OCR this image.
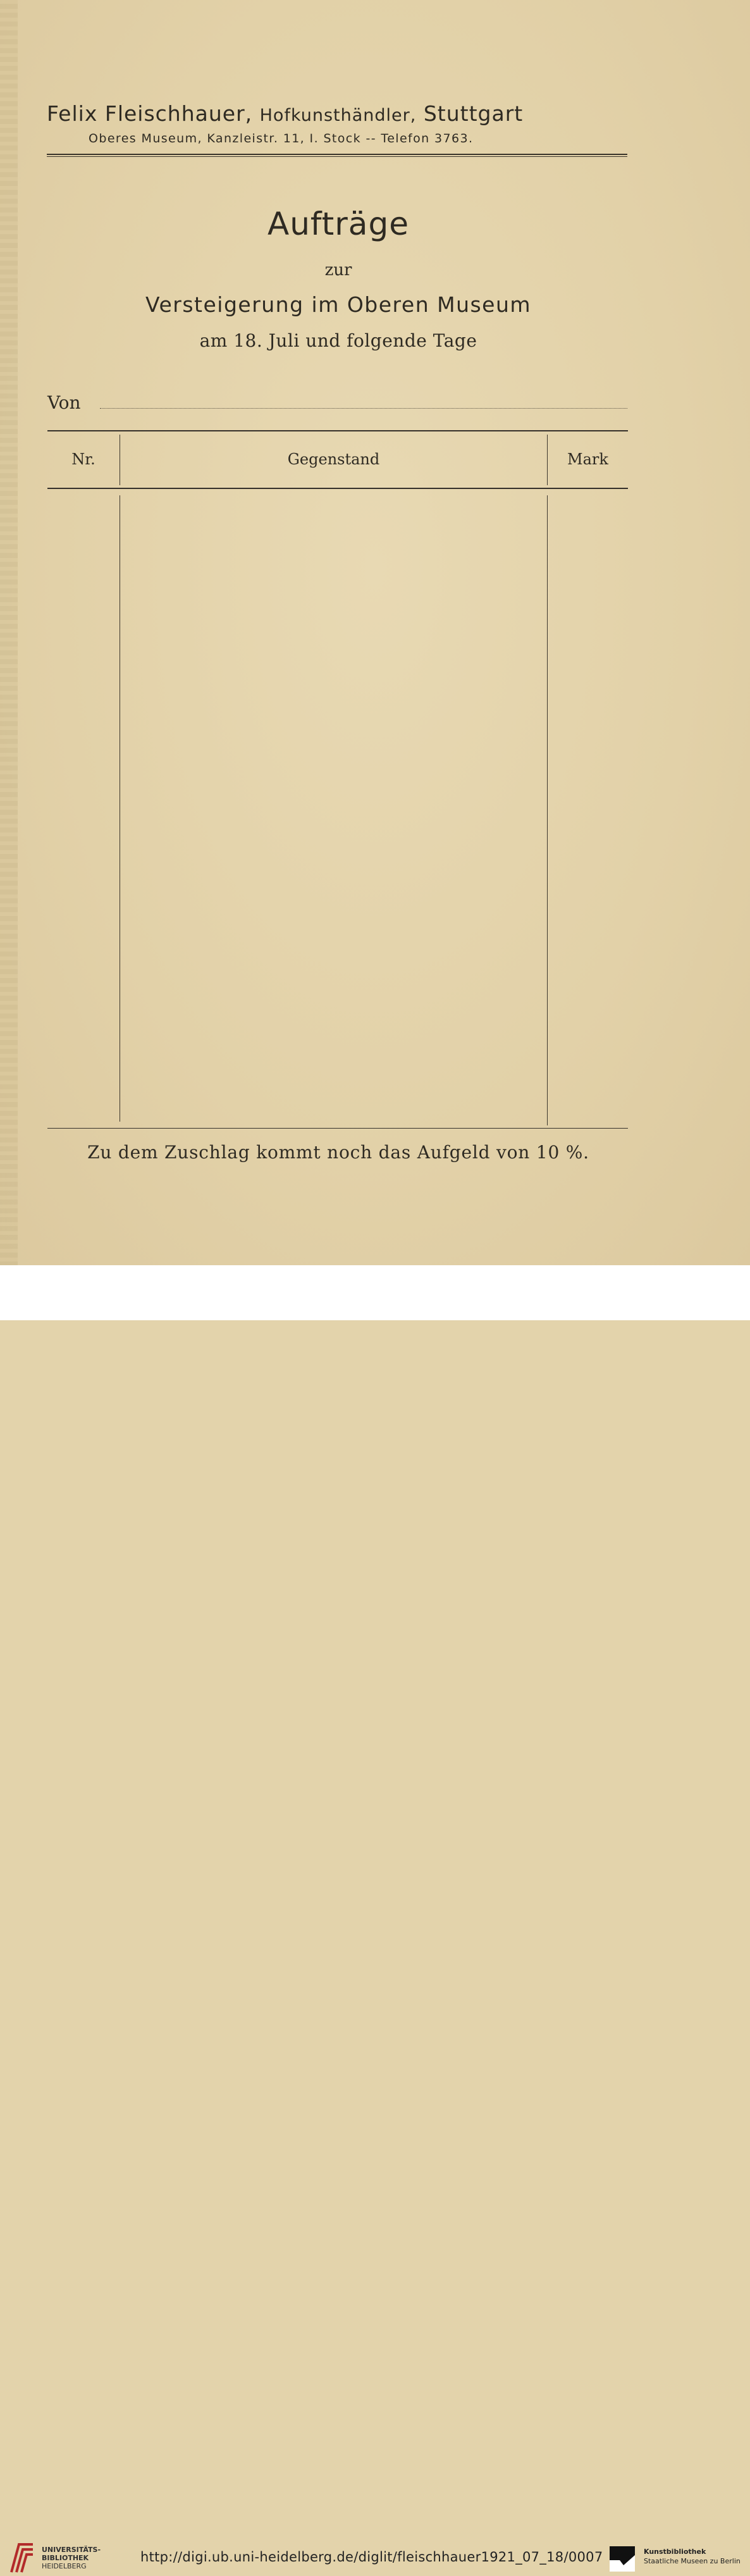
Felix Fleischhauer, Hofkunsthändler, Stuttgart
Oberes Museum, Kanzleistr. 11, I. Stock -- Telefon 3763.
Aufträge
zur
Versteigerung im Oberen Museum
am 18. Juli und folgende Tage
Von
Nr.	Gegenstand	Mark
Zu dem Zuschlag kommt noch das Aufgeld von 10 %.
UNIVERSITÄTS-
BIBLIOTHEK
HEIDELBERG
http://digi.ub.uni-heidelberg.de/diglit/fleischhauer1921_07_18/0007	Kunstbibliothek
Staatliche Museen zu Berlin
